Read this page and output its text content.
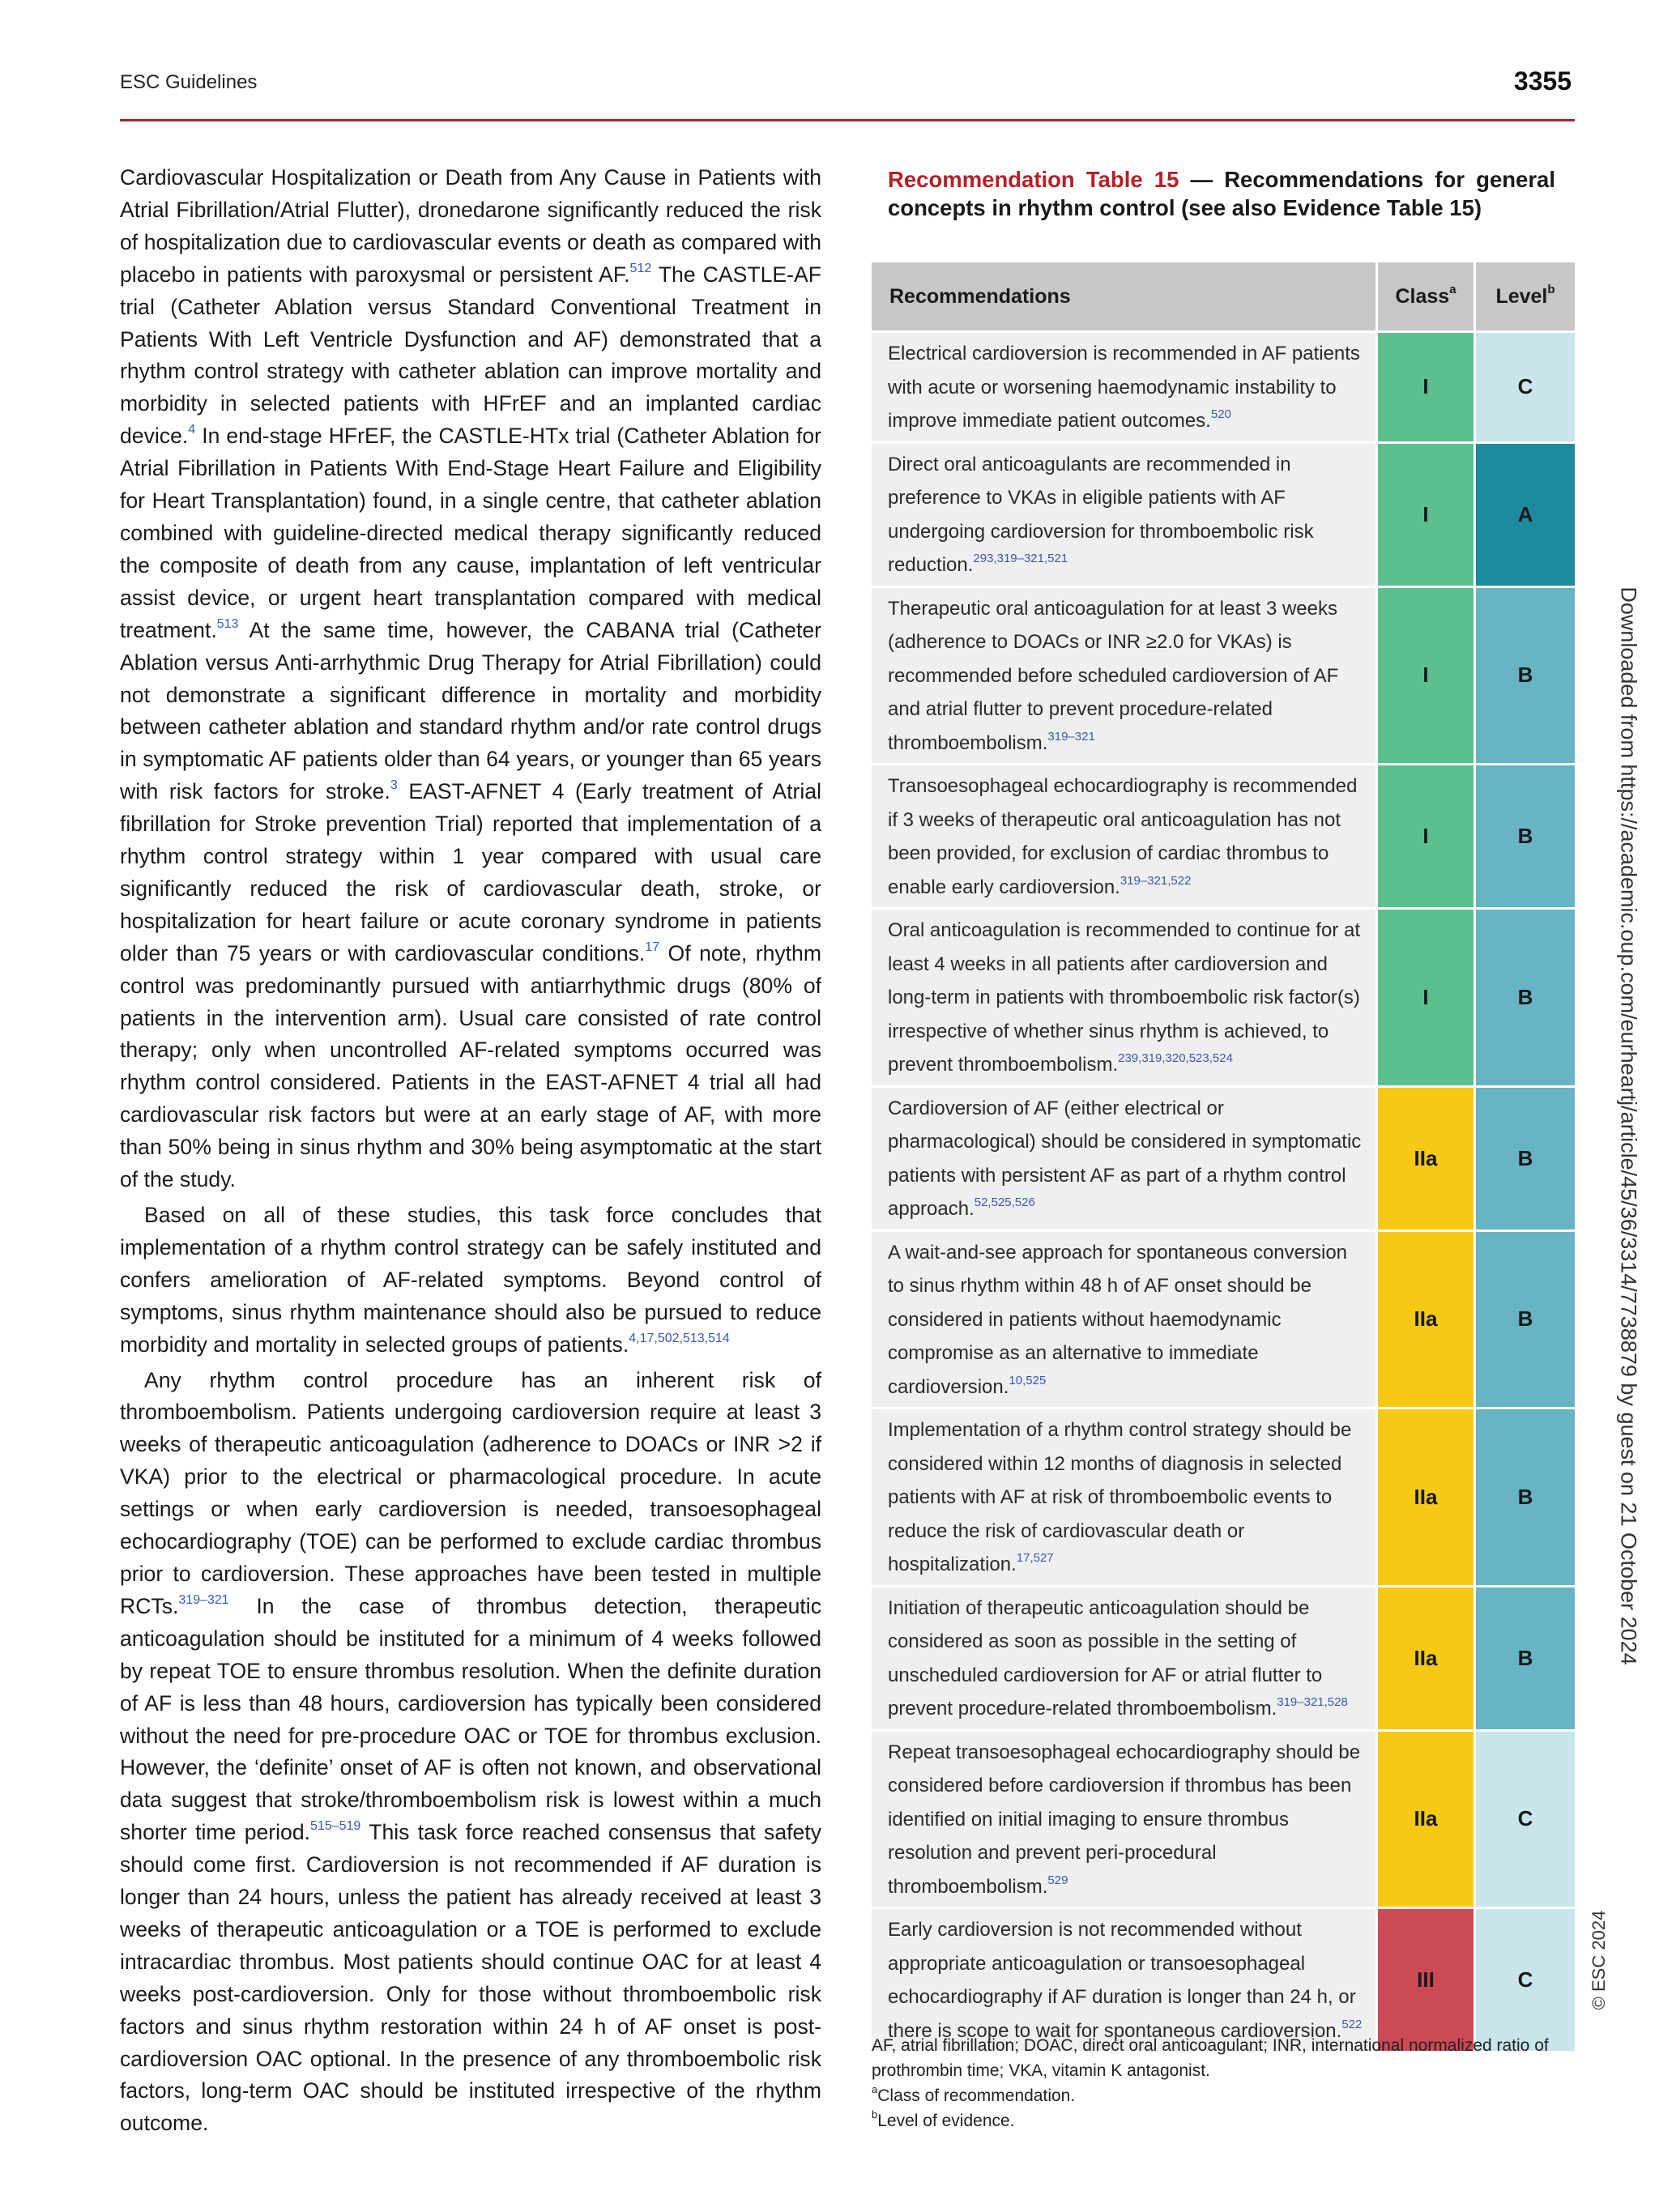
ESC Guidelines	3355

Cardiovascular Hospitalization or Death from Any Cause in Patients with Atrial Fibrillation/Atrial Flutter), dronedarone significantly reduced the risk of hospitalization due to cardiovascular events or death as compared with placebo in patients with paroxysmal or persistent AF.$^{512}$ The CASTLE-AF trial (Catheter Ablation versus Standard Conventional Treatment in Patients With Left Ventricle Dysfunction and AF) demonstrated that a rhythm control strategy with catheter ablation can improve mortality and morbidity in selected patients with HFrEF and an implanted cardiac device.$^4$ In end-stage HFrEF, the CASTLE-HTx trial (Catheter Ablation for Atrial Fibrillation in Patients With End-Stage Heart Failure and Eligibility for Heart Transplantation) found, in a single centre, that catheter ablation combined with guideline-directed medical therapy significantly reduced the composite of death from any cause, implantation of left ventricular assist device, or urgent heart transplantation compared with medical treatment.$^{513}$ At the same time, however, the CABANA trial (Catheter Ablation versus Anti-arrhythmic Drug Therapy for Atrial Fibrillation) could not demonstrate a significant difference in mortality and morbidity between catheter ablation and standard rhythm and/or rate control drugs in symptomatic AF patients older than 64 years, or younger than 65 years with risk factors for stroke.$^3$ EAST-AFNET 4 (Early treatment of Atrial fibrillation for Stroke prevention Trial) reported that implementation of a rhythm control strategy within 1 year compared with usual care significantly reduced the risk of cardiovascular death, stroke, or hospitalization for heart failure or acute coronary syndrome in patients older than 75 years or with cardiovascular conditions.$^{17}$ Of note, rhythm control was predominantly pursued with antiarrhythmic drugs (80% of patients in the intervention arm). Usual care consisted of rate control therapy; only when uncontrolled AF-related symptoms occurred was rhythm control considered. Patients in the EAST-AFNET 4 trial all had cardiovascular risk factors but were at an early stage of AF, with more than 50% being in sinus rhythm and 30% being asymptomatic at the start of the study.

Based on all of these studies, this task force concludes that implementation of a rhythm control strategy can be safely instituted and confers amelioration of AF-related symptoms. Beyond control of symptoms, sinus rhythm maintenance should also be pursued to reduce morbidity and mortality in selected groups of patients.$^{4,17,502,513,514}$

Any rhythm control procedure has an inherent risk of thromboembolism. Patients undergoing cardioversion require at least 3 weeks of therapeutic anticoagulation (adherence to DOACs or INR >2 if VKA) prior to the electrical or pharmacological procedure. In acute settings or when early cardioversion is needed, transoesophageal echocardiography (TOE) can be performed to exclude cardiac thrombus prior to cardioversion. These approaches have been tested in multiple RCTs.$^{319-321}$ In the case of thrombus detection, therapeutic anticoagulation should be instituted for a minimum of 4 weeks followed by repeat TOE to ensure thrombus resolution. When the definite duration of AF is less than 48 hours, cardioversion has typically been considered without the need for pre-procedure OAC or TOE for thrombus exclusion. However, the ‘definite’ onset of AF is often not known, and observational data suggest that stroke/thromboembolism risk is lowest within a much shorter time period.$^{515-519}$ This task force reached consensus that safety should come first. Cardioversion is not recommended if AF duration is longer than 24 hours, unless the patient has already received at least 3 weeks of therapeutic anticoagulation or a TOE is performed to exclude intracardiac thrombus. Most patients should continue OAC for at least 4 weeks post-cardioversion. Only for those without thromboembolic risk factors and sinus rhythm restoration within 24 h of AF onset is post-cardioversion OAC optional. In the presence of any thromboembolic risk factors, long-term OAC should be instituted irrespective of the rhythm outcome.

Recommendation Table 15 — Recommendations for general concepts in rhythm control (see also Evidence Table 15)
Recommendations	Class$^a$	Level$^b$
Electrical cardioversion is recommended in AF patients with acute or worsening haemodynamic instability to improve immediate patient outcomes.$^{520}$	I	C
Direct oral anticoagulants are recommended in preference to VKAs in eligible patients with AF undergoing cardioversion for thromboembolic risk reduction.$^{293,319-321,521}$	I	A
Therapeutic oral anticoagulation for at least 3 weeks (adherence to DOACs or INR ≥2.0 for VKAs) is recommended before scheduled cardioversion of AF and atrial flutter to prevent procedure-related thromboembolism.$^{319-321}$	I	B
Transoesophageal echocardiography is recommended if 3 weeks of therapeutic oral anticoagulation has not been provided, for exclusion of cardiac thrombus to enable early cardioversion.$^{319-321,522}$	I	B
Oral anticoagulation is recommended to continue for at least 4 weeks in all patients after cardioversion and long-term in patients with thromboembolic risk factor(s) irrespective of whether sinus rhythm is achieved, to prevent thromboembolism.$^{239,319,320,523,524}$	I	B
Cardioversion of AF (either electrical or pharmacological) should be considered in symptomatic patients with persistent AF as part of a rhythm control approach.$^{52,525,526}$	IIa	B
A wait-and-see approach for spontaneous conversion to sinus rhythm within 48 h of AF onset should be considered in patients without haemodynamic compromise as an alternative to immediate cardioversion.$^{10,525}$	IIa	B
Implementation of a rhythm control strategy should be considered within 12 months of diagnosis in selected patients with AF at risk of thromboembolic events to reduce the risk of cardiovascular death or hospitalization.$^{17,527}$	IIa	B
Initiation of therapeutic anticoagulation should be considered as soon as possible in the setting of unscheduled cardioversion for AF or atrial flutter to prevent procedure-related thromboembolism.$^{319-321,528}$	IIa	B
Repeat transoesophageal echocardiography should be considered before cardioversion if thrombus has been identified on initial imaging to ensure thrombus resolution and prevent peri-procedural thromboembolism.$^{529}$	IIa	C
Early cardioversion is not recommended without appropriate anticoagulation or transoesophageal echocardiography if AF duration is longer than 24 h, or there is scope to wait for spontaneous cardioversion.$^{522}$	III	C
AF, atrial fibrillation; DOAC, direct oral anticoagulant; INR, international normalized ratio of prothrombin time; VKA, vitamin K antagonist.
$^a$Class of recommendation.
$^b$Level of evidence.
Downloaded from https://academic.oup.com/eurheartj/article/45/36/3314/7738879 by guest on 21 October 2024
© ESC 2024
